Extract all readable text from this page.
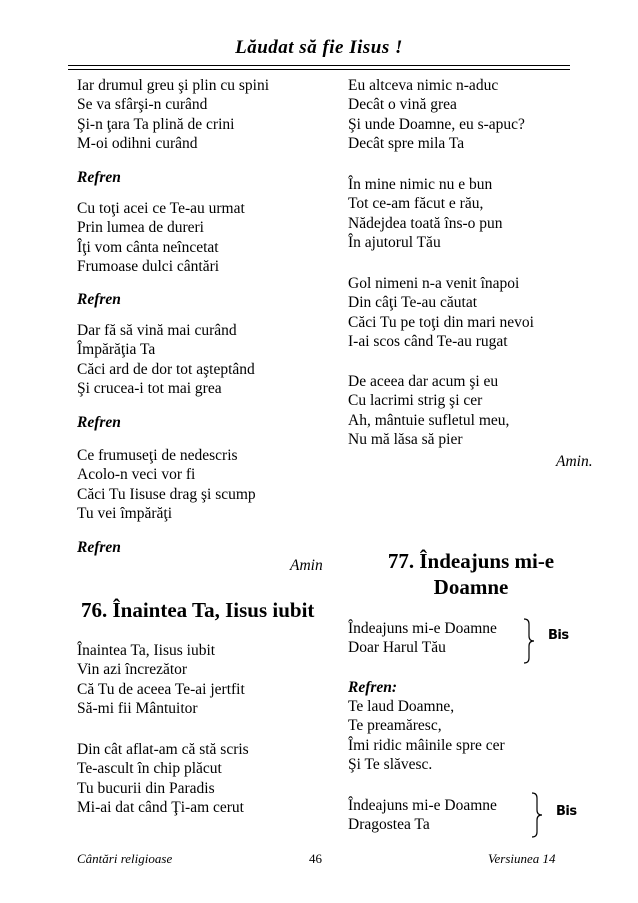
Lăudat să fie Iisus !
Iar drumul greu şi plin cu spini
Se va sfârşi-n curând
Şi-n ţara Ta plină de crini
M-oi odihni curând
Refren
Cu toţi acei ce Te-au urmat
Prin lumea de dureri
Îţi vom cânta neîncetat
Frumoase dulci cântări
Refren
Dar fă să vină mai curând
Împărăţia Ta
Căci ard de dor tot aşteptând
Şi crucea-i tot mai grea
Refren
Ce frumuseţi de nedescris
Acolo-n veci vor fi
Căci Tu Iisuse drag şi scump
Tu vei împărăţi
Refren
Amin
76. Înaintea Ta, Iisus iubit
Înaintea Ta, Iisus iubit
Vin azi încrezător
Că Tu de aceea Te-ai jertfit
Să-mi fii Mântuitor
Din cât aflat-am că stă scris
Te-ascult în chip plăcut
Tu bucurii din Paradis
Mi-ai dat când Ţi-am cerut
Eu altceva nimic n-aduc
Decât o vină grea
Şi unde Doamne, eu s-apuc?
Decât spre mila Ta
În mine nimic nu e bun
Tot ce-am făcut e rău,
Nădejdea toată îns-o pun
În ajutorul Tău
Gol nimeni n-a venit înapoi
Din câţi Te-au căutat
Căci Tu pe toţi din mari nevoi
I-ai scos când Te-au rugat
De aceea dar acum şi eu
Cu lacrimi strig şi cer
Ah, mântuie sufletul meu,
Nu mă lăsa să pier
Amin.
77. Îndeajuns mi-e
Doamne
Îndeajuns mi-e Doamne
Doar Harul Tău
Bis
Refren:
Te laud Doamne,
Te preamăresc,
Îmi ridic mâinile spre cer
Şi Te slăvesc.
Îndeajuns mi-e Doamne
Dragostea Ta
Bis
Cântări religioase	46	Versiunea 14
